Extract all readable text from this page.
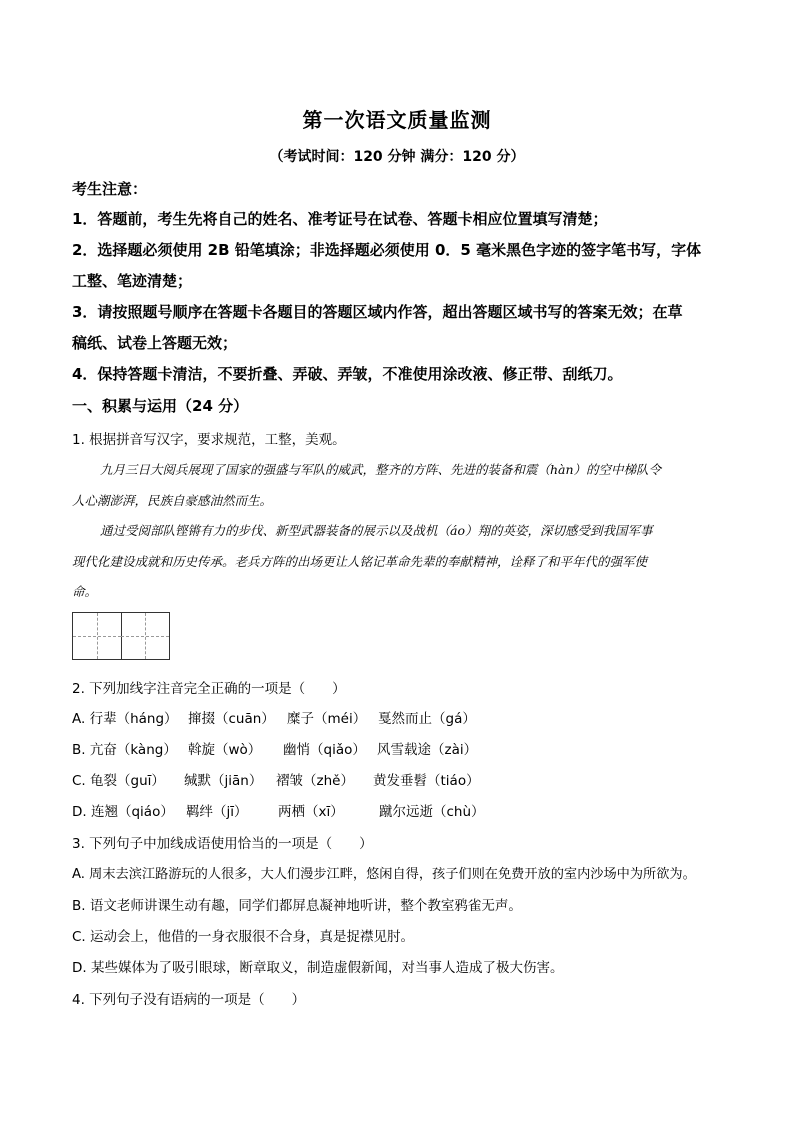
第一次语文质量监测
（考试时间：120 分钟 满分：120 分）
考生注意：
1．答题前，考生先将自己的姓名、准考证号在试卷、答题卡相应位置填写清楚；
2．选择题必须使用 2B 铅笔填涂；非选择题必须使用 0．5 毫米黑色字迹的签字笔书写，字体
工整、笔迹清楚；
3．请按照题号顺序在答题卡各题目的答题区域内作答，超出答题区域书写的答案无效；在草
稿纸、试卷上答题无效；
4．保持答题卡清洁，不要折叠、弄破、弄皱，不准使用涂改液、修正带、刮纸刀。
一、积累与运用（24 分）
1. 根据拼音写汉字，要求规范，工整，美观。
九月三日大阅兵展现了国家的强盛与军队的威武，整齐的方阵、先进的装备和震（hàn）的空中梯队令
人心潮澎湃，民族自豪感油然而生。
通过受阅部队铿锵有力的步伐、新型武器装备的展示以及战机（áo）翔的英姿，深切感受到我国军事
现代化建设成就和历史传承。老兵方阵的出场更让人铭记革命先辈的奉献精神，诠释了和平年代的强军使
命。
2. 下列加线字注音完全正确的一项是（　　）
A. 行辈（háng） 撺掇（cuān） 糜子（méi） 戛然而止（gá）
B. 亢奋（kàng） 斡旋（wò） 幽悄（qiǎo） 风雪载途（zài）
C. 龟裂（guī） 缄默（jiān） 褶皱（zhě） 黄发垂髫（tiáo）
D. 连翘（qiáo） 羁绊（jī） 两栖（xī）	蹴尔远逝（chù）
3. 下列句子中加线成语使用恰当的一项是（　　）
A. 周末去滨江路游玩的人很多，大人们漫步江畔，悠闲自得，孩子们则在免费开放的室内沙场中为所欲为。
B. 语文老师讲课生动有趣，同学们都屏息凝神地听讲，整个教室鸦雀无声。
C. 运动会上，他借的一身衣服很不合身，真是捉襟见肘。
D. 某些媒体为了吸引眼球，断章取义，制造虚假新闻，对当事人造成了极大伤害。
4. 下列句子没有语病的一项是（　　）
